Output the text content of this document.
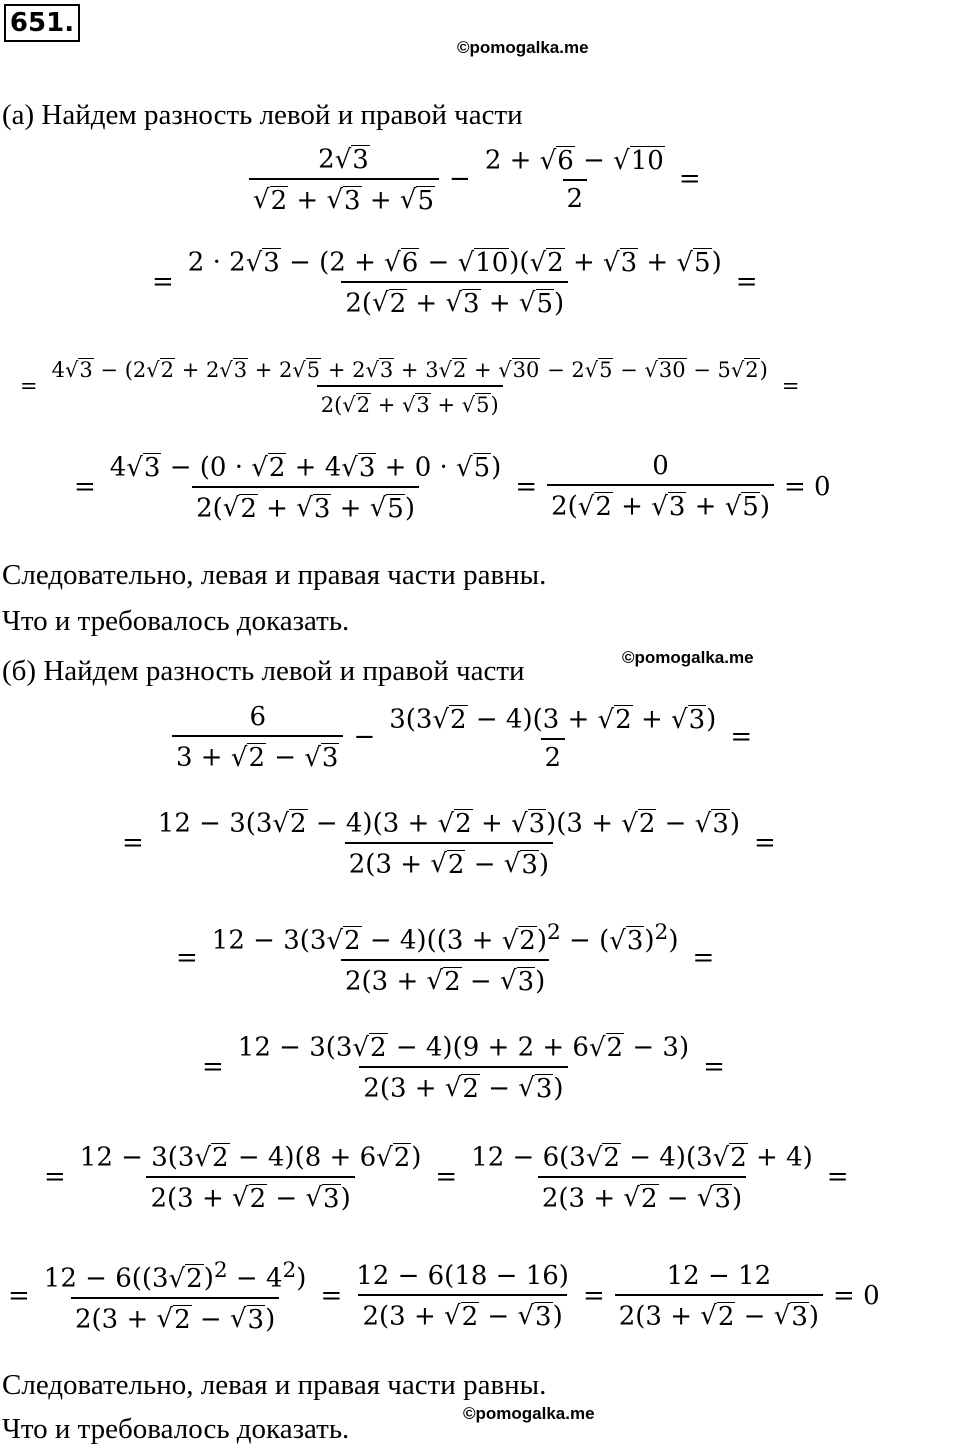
651.
©pomogalka.me
(а) Найдем разность левой и правой части
$\frac{2 √ 3}{√ 2 + √ 3 + √ 5} - \frac{2 + √ 6 - √ 10}{2}$ =
= $\frac{2 \cdot 2 √ 3 - (2 + √ 6 - √ 10 )( √ 2 + √ 3 + √ 5 )}{2( √ 2 + √ 3 + √ 5 )}$ =
= $\frac{4 √ 3 - (2 √ 2 + 2 √ 3 + 2 √ 5 + 2 √ 3 + 3 √ 2 + √ 30 - 2 √ 5 - √ 30 - 5 √ 2 )}{2( √ 2 + √ 3 + √ 5 )}$ =
= $\frac{4 √ 3 - (0 \cdot √ 2 + 4 √ 3 + 0 \cdot √ 5 )}{2( √ 2 + √ 3 + √ 5 )} = \frac{0}{2( √ 2 + √ 3 + √ 5 )} = 0$
Следовательно, левая и правая части равны.
Что и требовалось доказать.
(б) Найдем разность левой и правой части	©pomogalka.me
$\frac{6}{3 + √ 2 - √ 3} - \frac{3(3 √ 2 - 4)(3 + √ 2 + √ 3 )}{2}$ =
= $\frac{12 - 3(3 √ 2 - 4)(3 + √ 2 + √ 3 )(3 + √ 2 - √ 3 )}{2(3 + √ 2 - √ 3 )}$ =
= $\frac{12 - 3(3 √ 2 - 4)((3 + √ 2 )^2 - ( √ 3 )^2)}{2(3 + √ 2 - √ 3 )}$ =
= $\frac{12 - 3(3 √ 2 - 4)(9 + 2 + 6 √ 2 - 3)}{2(3 + √ 2 - √ 3 )}$ =
= $\frac{12 - 3(3 √ 2 - 4)(8 + 6 √ 2 )}{2(3 + √ 2 - √ 3 )} = \frac{12 - 6(3 √ 2 - 4)(3 √ 2 + 4)}{2(3 + √ 2 - √ 3 )}$ =
= $\frac{12 - 6((3 √ 2 )^2 - 4^2)}{2(3 + √ 2 - √ 3 )} = \frac{12 - 6(18 - 16)}{2(3 + √ 2 - √ 3 )} = \frac{12 - 12}{2(3 + √ 2 - √ 3 )} = 0$
Следовательно, левая и правая части равны.
©pomogalka.me
Что и требовалось доказать.
